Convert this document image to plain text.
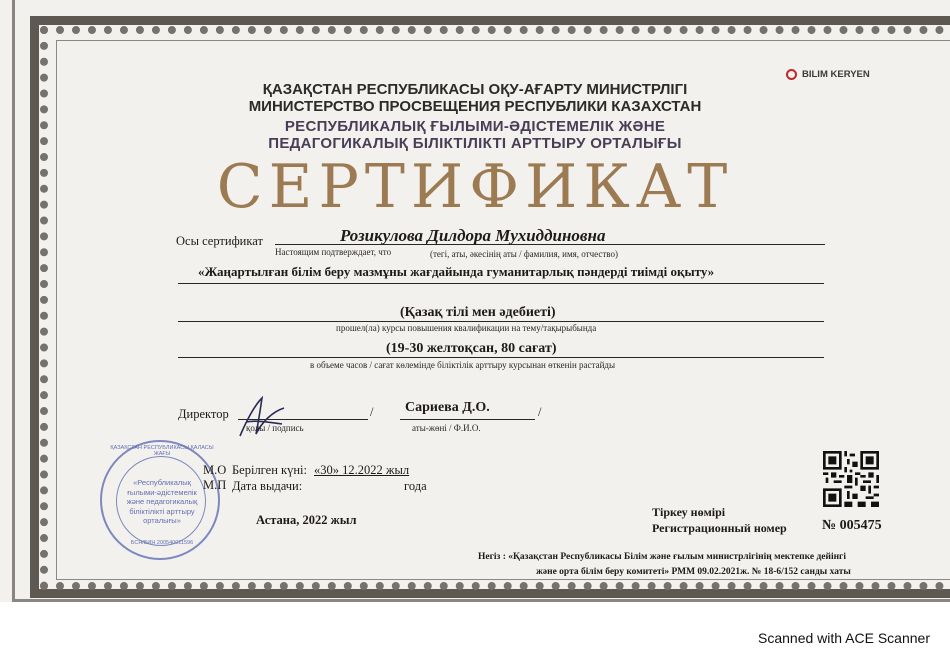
BILIM KERYEN
ҚАЗАҚСТАН РЕСПУБЛИКАСЫ ОҚУ-АҒАРТУ МИНИСТРЛІГІ
МИНИСТЕРСТВО ПРОСВЕЩЕНИЯ РЕСПУБЛИКИ КАЗАХСТАН
РЕСПУБЛИКАЛЫҚ ҒЫЛЫМИ-ӘДІСТЕМЕЛІК ЖӘНЕ
ПЕДАГОГИКАЛЫҚ БІЛІКТІЛІКТІ АРТТЫРУ ОРТАЛЫҒЫ
СЕРТИФИКАТ
Осы сертификат
Настоящим подтверждает, что
Розикулова Дилдора Мухиддиновна
(тегі, аты, әкесінің аты / фамилия, имя, отчество)
«Жаңартылған білім беру мазмұны жағдайында гуманитарлық пәндерді тиімді оқыту»
(Қазақ тілі мен әдебиеті)
прошел(ла) курсы повышения квалификации на тему/тақырыбында
(19-30 желтоқсан, 80 сағат)
в объеме часов / сағат көлемінде біліктілік арттыру курсынан өткенін растайды
Директор	/
қолы / подпись
Сариева Д.О.	/
аты-жөні / Ф.И.О.
ҚАЗАҚСТАН РЕСПУБЛИКАСЫ ҚАЛАСЫ ЖАҒЫ
«Республикалық
ғылыми-әдістемелік
және педагогикалық
біліктілікті арттыру
орталығы»
БСН/БИН 200540011596
М.О
М.П
Берілген күні: «30» 12.2022 жыл
Дата выдачи:	года
Астана, 2022 жыл
Тіркеу нөмірі
Регистрационный номер	№ 005475
Негіз : «Қазақстан Республикасы Білім және ғылым министрлігінің мектепке дейінгі
және орта білім беру комитеті» РММ 09.02.2021ж. № 18-6/152 санды хаты
Scanned with ACE Scanner
